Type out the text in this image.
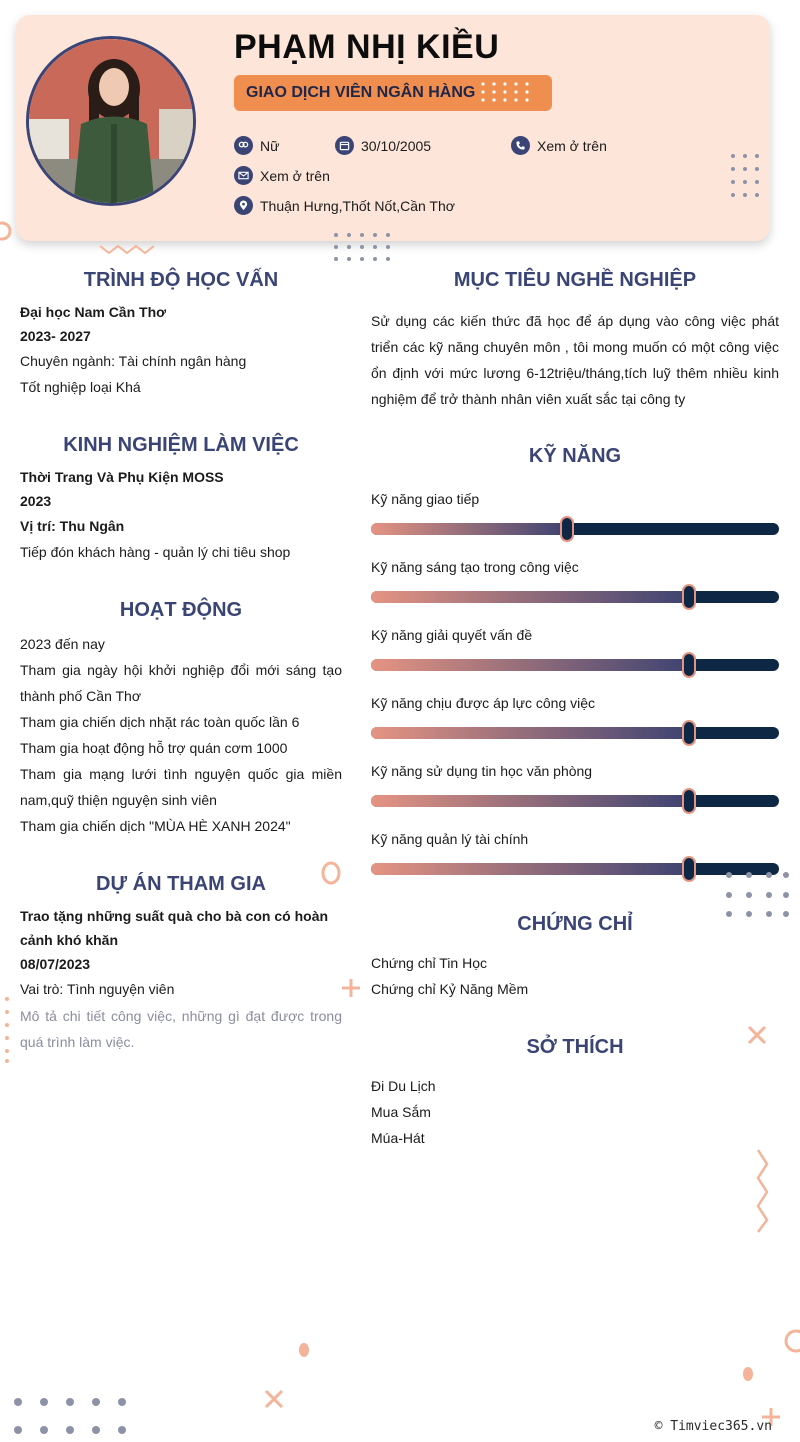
PHẠM NHỊ KIỀU
GIAO DỊCH VIÊN NGÂN HÀNG
Nữ	30/10/2005	Xem ở trên
Xem ở trên
Thuận Hưng,Thốt Nốt,Cần Thơ
TRÌNH ĐỘ HỌC VẤN
Đại học Nam Cần Thơ
2023- 2027
Chuyên ngành: Tài chính ngân hàng
Tốt nghiệp loại Khá
KINH NGHIỆM LÀM VIỆC
Thời Trang Và Phụ Kiện MOSS
2023
Vị trí: Thu Ngân
Tiếp đón khách hàng - quản lý chi tiêu shop
HOẠT ĐỘNG
2023 đến nay
Tham gia ngày hội khởi nghiệp đổi mới sáng tạo thành phố Cần Thơ
Tham gia chiến dịch nhặt rác toàn quốc lần 6
Tham gia hoạt động hỗ trợ quán cơm 1000
Tham gia mạng lưới tình nguyện quốc gia miền nam,quỹ thiện nguyện sinh viên
Tham gia chiến dịch "MÙA HÈ XANH 2024"
DỰ ÁN THAM GIA
Trao tặng những suất quà cho bà con có hoàn cảnh khó khăn
08/07/2023
Vai trò: Tình nguyện viên
Mô tả chi tiết công việc, những gì đạt được trong quá trình làm việc.
MỤC TIÊU NGHỀ NGHIỆP
Sử dụng các kiến thức đã học để áp dụng vào công việc phát triển các kỹ năng chuyên môn , tôi mong muốn có một công việc ổn định với mức lương 6-12triệu/tháng,tích luỹ thêm nhiều kinh nghiệm để trở thành nhân viên xuất sắc tại công ty
KỸ NĂNG
Kỹ năng giao tiếp
Kỹ năng sáng tạo trong công việc
Kỹ năng giải quyết vấn đề
Kỹ năng chịu được áp lực công việc
Kỹ năng sử dụng tin học văn phòng
Kỹ năng quản lý tài chính
CHỨNG CHỈ
Chứng chỉ Tin Học
Chứng chỉ Kỷ Năng Mềm
SỞ THÍCH
Đi Du Lịch
Mua Sắm
Múa-Hát
© Timviec365.vn
